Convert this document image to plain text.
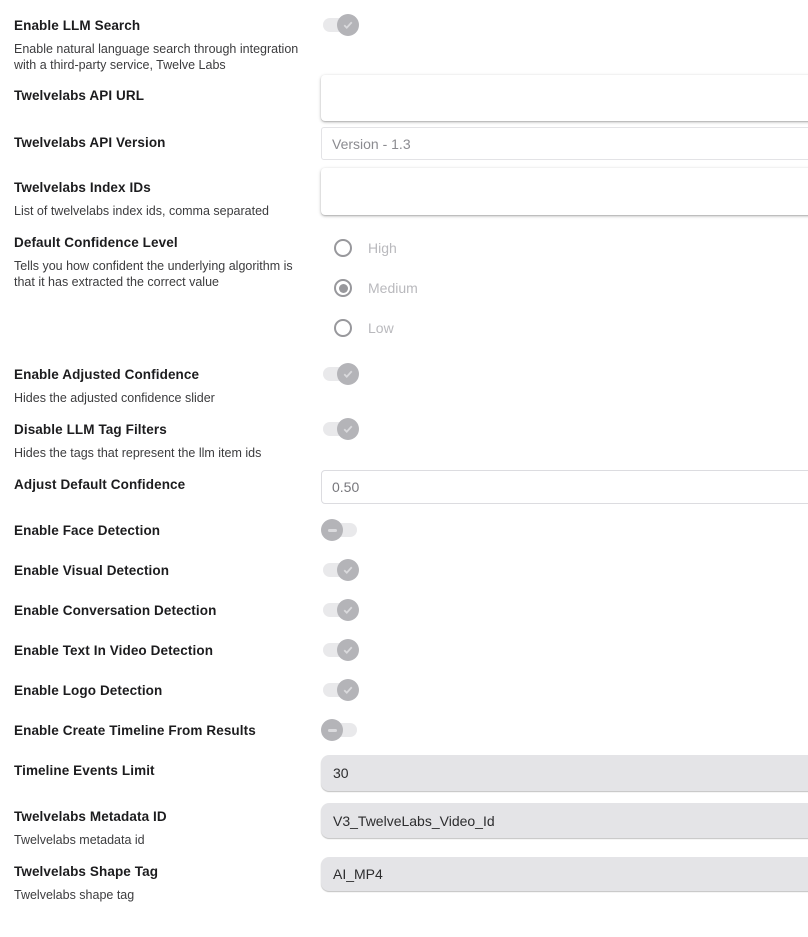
Enable LLM Search
Enable natural language search through integration with a third-party service, Twelve Labs
Twelvelabs API URL
Twelvelabs API Version	Version - 1.3
Twelvelabs Index IDs
List of twelvelabs index ids, comma separated
Default Confidence Level
Tells you how confident the underlying algorithm is that it has extracted the correct value
High
Medium
Low
Enable Adjusted Confidence
Hides the adjusted confidence slider
Disable LLM Tag Filters
Hides the tags that represent the llm item ids
Adjust Default Confidence
0.50
Enable Face Detection
Enable Visual Detection
Enable Conversation Detection
Enable Text In Video Detection
Enable Logo Detection
Enable Create Timeline From Results
Timeline Events Limit
30
Twelvelabs Metadata ID
Twelvelabs metadata id
V3_TwelveLabs_Video_Id
Twelvelabs Shape Tag
Twelvelabs shape tag
AI_MP4
